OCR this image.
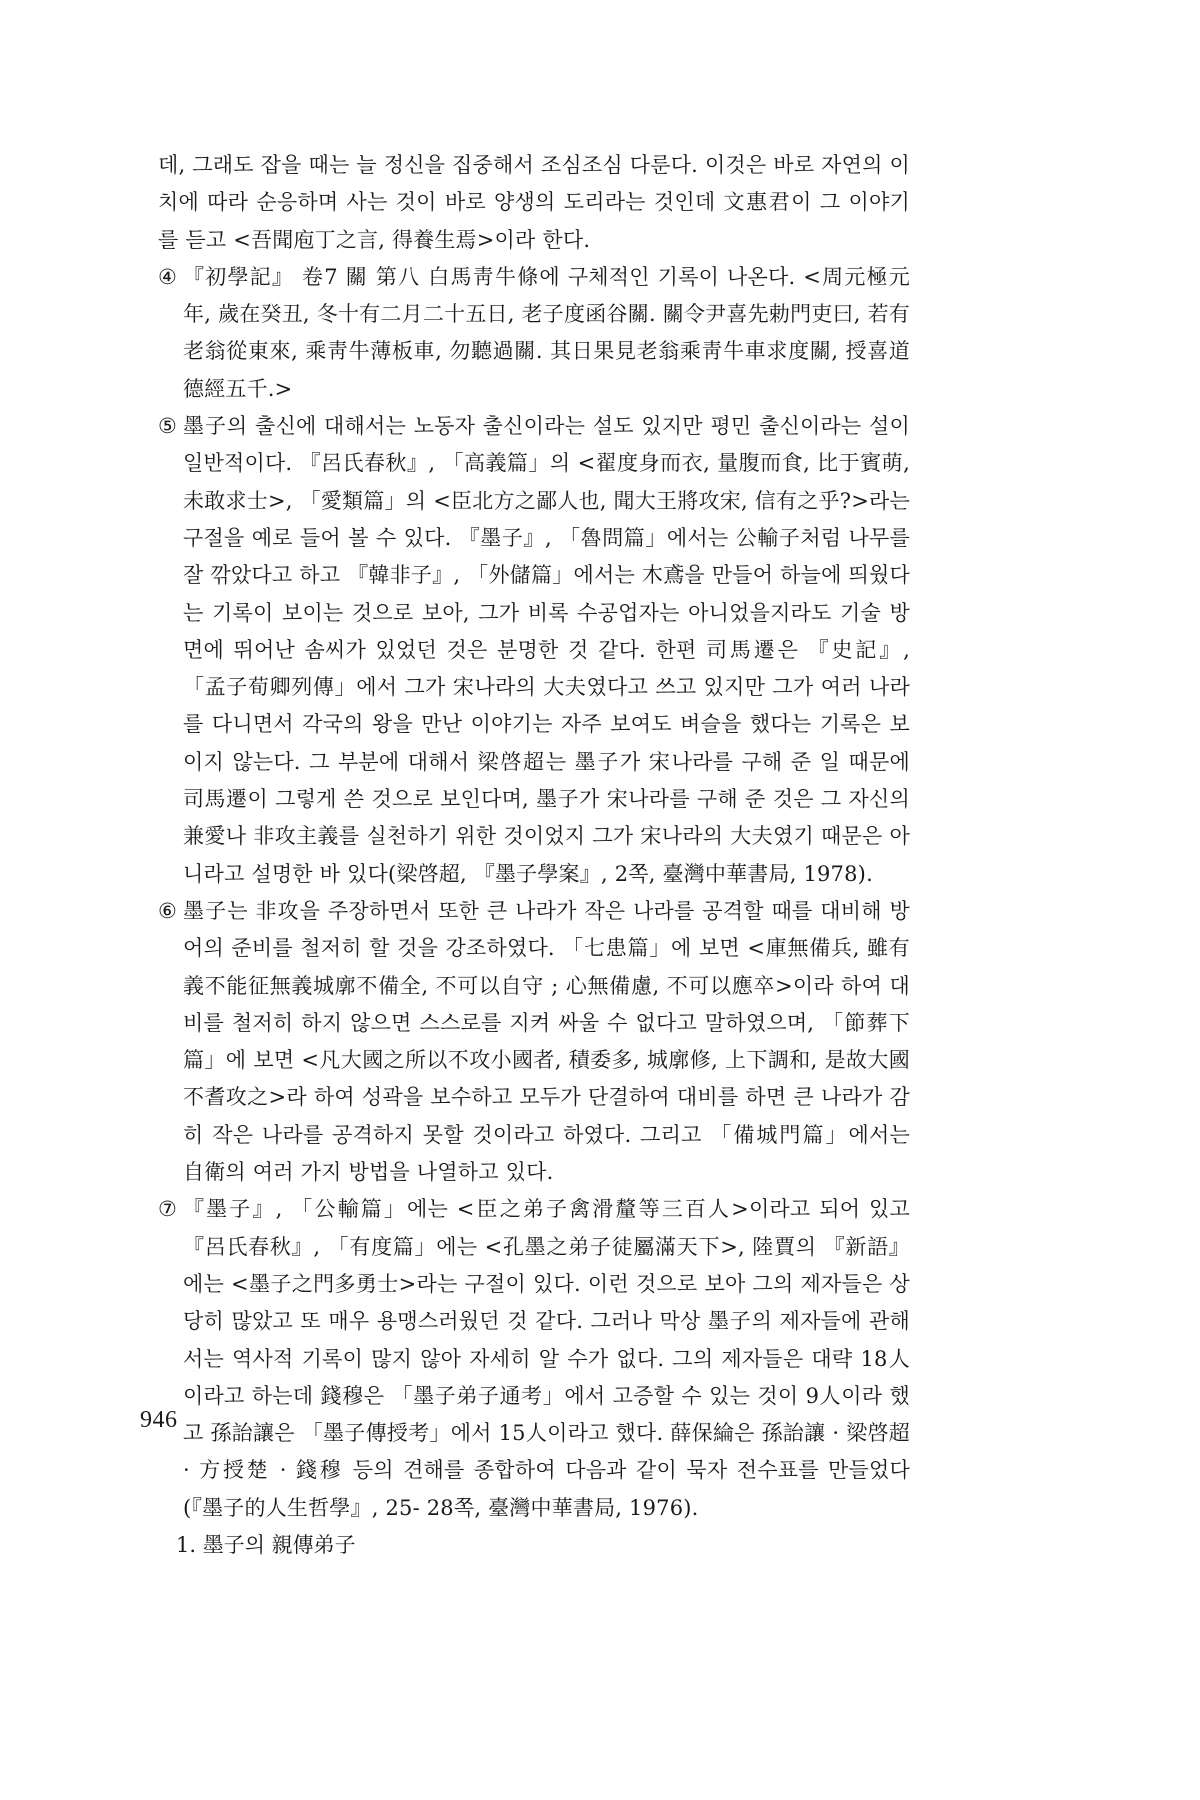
데, 그래도 잡을 때는 늘 정신을 집중해서 조심조심 다룬다. 이것은 바로 자연의 이치에 따라 순응하며 사는 것이 바로 양생의 도리라는 것인데 文惠君이 그 이야기를 듣고 <吾聞庖丁之言, 得養生焉>이라 한다.
④ 『初學記』 卷7 關 第八 白馬靑牛條에 구체적인 기록이 나온다. <周元極元年, 歲在癸丑, 冬十有二月二十五日, 老子度函谷關. 關令尹喜先勅門吏曰, 若有老翁從東來, 乘靑牛薄板車, 勿聽過關. 其日果見老翁乘靑牛車求度關, 授喜道德經五千.>
⑤ 墨子의 출신에 대해서는 노동자 출신이라는 설도 있지만 평민 출신이라는 설이 일반적이다. 『呂氏春秋』, 「高義篇」의 <翟度身而衣, 量腹而食, 比于賓萌, 未敢求士>, 「愛類篇」의 <臣北方之鄙人也, 聞大王將攻宋, 信有之乎?>라는 구절을 예로 들어 볼 수 있다. 『墨子』, 「魯問篇」에서는 公輸子처럼 나무를 잘 깎았다고 하고 『韓非子』, 「外儲篇」에서는 木鳶을 만들어 하늘에 띄웠다는 기록이 보이는 것으로 보아, 그가 비록 수공업자는 아니었을지라도 기술 방면에 뛰어난 솜씨가 있었던 것은 분명한 것 같다. 한편 司馬遷은 『史記』, 「孟子荀卿列傳」에서 그가 宋나라의 大夫였다고 쓰고 있지만 그가 여러 나라를 다니면서 각국의 왕을 만난 이야기는 자주 보여도 벼슬을 했다는 기록은 보이지 않는다. 그 부분에 대해서 梁啓超는 墨子가 宋나라를 구해 준 일 때문에 司馬遷이 그렇게 쓴 것으로 보인다며, 墨子가 宋나라를 구해 준 것은 그 자신의 兼愛나 非攻主義를 실천하기 위한 것이었지 그가 宋나라의 大夫였기 때문은 아니라고 설명한 바 있다(梁啓超, 『墨子學案』, 2쪽, 臺灣中華書局, 1978).
⑥ 墨子는 非攻을 주장하면서 또한 큰 나라가 작은 나라를 공격할 때를 대비해 방어의 준비를 철저히 할 것을 강조하였다. 「七患篇」에 보면 <庫無備兵, 雖有義不能征無義城廓不備全, 不可以自守 ; 心無備慮, 不可以應卒>이라 하여 대비를 철저히 하지 않으면 스스로를 지켜 싸울 수 없다고 말하였으며, 「節葬下篇」에 보면 <凡大國之所以不攻小國者, 積委多, 城廓修, 上下調和, 是故大國不耆攻之>라 하여 성곽을 보수하고 모두가 단결하여 대비를 하면 큰 나라가 감히 작은 나라를 공격하지 못할 것이라고 하였다. 그리고 「備城門篇」에서는 自衛의 여러 가지 방법을 나열하고 있다.
⑦ 『墨子』, 「公輸篇」에는 <臣之弟子禽滑釐等三百人>이라고 되어 있고 『呂氏春秋』, 「有度篇」에는 <孔墨之弟子徒屬滿天下>, 陸賈의 『新語』에는 <墨子之門多勇士>라는 구절이 있다. 이런 것으로 보아 그의 제자들은 상당히 많았고 또 매우 용맹스러웠던 것 같다. 그러나 막상 墨子의 제자들에 관해서는 역사적 기록이 많지 않아 자세히 알 수가 없다. 그의 제자들은 대략 18人이라고 하는데 錢穆은 「墨子弟子通考」에서 고증할 수 있는 것이 9人이라 했고 孫詒讓은 「墨子傳授考」에서 15人이라고 했다. 薛保綸은 孫詒讓 · 梁啓超 · 方授楚 · 錢穆 등의 견해를 종합하여 다음과 같이 묵자 전수표를 만들었다(『墨子的人生哲學』, 25- 28쪽, 臺灣中華書局, 1976).
1. 墨子의 親傳弟子
946
